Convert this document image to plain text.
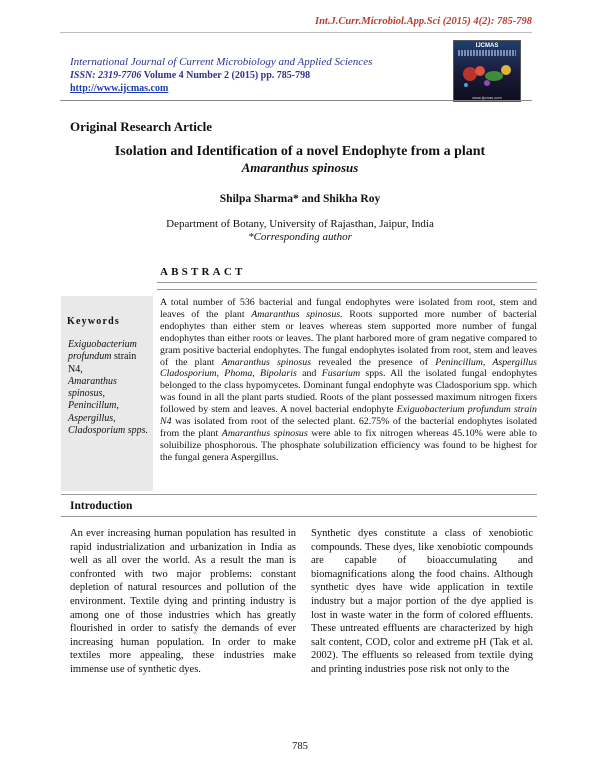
Int.J.Curr.Microbiol.App.Sci (2015) 4(2): 785-798
International Journal of Current Microbiology and Applied Sciences
ISSN: 2319-7706 Volume 4 Number 2 (2015) pp. 785-798
http://www.ijcmas.com
IJCMAS
www.ijcmas.com
Original Research Article
Isolation and Identification of a novel Endophyte from a plant
Amaranthus spinosus
Shilpa Sharma* and Shikha Roy
Department of Botany, University of Rajasthan, Jaipur, India
*Corresponding author
ABSTRACT
Keywords
Exiguobacterium profundum strain N4,
Amaranthus spinosus, Penincillum, Aspergillus, Cladosporium spps.
A total number of 536 bacterial and fungal endophytes were isolated from root, stem and leaves of the plant Amaranthus spinosus. Roots supported more number of bacterial endophytes than either stem or leaves whereas stem supported more number of fungal endophytes than either roots or leaves. The plant harbored more of gram negative compared to gram positive bacterial endophytes. The fungal endophytes isolated from root, stem and leaves of the plant Amaranthus spinosus revealed the presence of Penincillum, Aspergillus Cladosporium, Phoma, Bipolaris and Fusarium spps. All the isolated fungal endophytes belonged to the class hypomycetes. Dominant fungal endophyte was Cladosporium spp. which was found in all the plant parts studied. Roots of the plant possessed maximum nitrogen fixers followed by stem and leaves. A novel bacterial endophyte Exiguobacterium profundum strain N4 was isolated from root of the selected plant. 62.75% of the bacterial endophytes isolated from the plant Amaranthus spinosus were able to fix nitrogen whereas 45.10% were able to soluibilize phosphorous. The phosphate solubilization efficiency was found to be highest for the fungal genera Aspergillus.
Introduction

An ever increasing human population has resulted in rapid industrialization and urbanization in India as well as all over the world. As a result the man is confronted with two major problems: constant depletion of natural resources and pollution of the environment. Textile dying and printing industry is among one of those industries which has greatly flourished in order to satisfy the demands of ever increasing human population. In order to make textiles more appealing, these industries make immense use of synthetic dyes.

Synthetic dyes constitute a class of xenobiotic compounds. These dyes, like xenobiotic compounds are capable of bioaccumulating and biomagnifications along the food chains. Although synthetic dyes have wide application in textile industry but a major portion of the dye applied is lost in waste water in the form of colored effluents. These untreated effluents are characterized by high salt content, COD, color and extreme pH (Tak et al. 2002). The effluents so released from textile dying and printing industries pose risk not only to the

785
